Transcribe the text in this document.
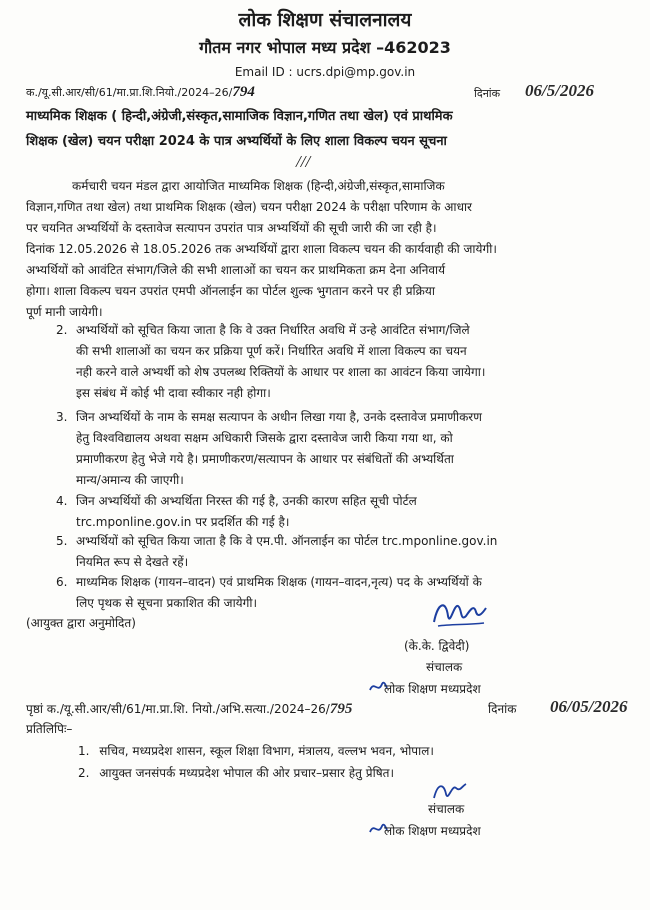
लोक शिक्षण संचालनालय
गौतम नगर भोपाल मध्य प्रदेश –462023
Email ID : ucrs.dpi@mp.gov.in
क./यू.सी.आर/सी/61/मा.प्रा.शि.नियो./2024–26/794	दिनांक 06/5/2026
माध्यमिक शिक्षक ( हिन्दी,अंग्रेजी,संस्कृत,सामाजिक विज्ञान,गणित तथा खेल) एवं प्राथमिक
शिक्षक (खेल) चयन परीक्षा 2024 के पात्र अभ्यर्थियों के लिए शाला विकल्प चयन सूचना
///
कर्मचारी चयन मंडल द्वारा आयोजित माध्यमिक शिक्षक (हिन्दी,अंग्रेजी,संस्कृत,सामाजिक
विज्ञान,गणित तथा खेल) तथा प्राथमिक शिक्षक (खेल) चयन परीक्षा 2024 के परीक्षा परिणाम के आधार
पर चयनित अभ्यर्थियों के दस्तावेज सत्यापन उपरांत पात्र अभ्यर्थियों की सूची जारी की जा रही है।
दिनांक 12.05.2026 से 18.05.2026 तक अभ्यर्थियों द्वारा शाला विकल्प चयन की कार्यवाही की जायेगी।
अभ्यर्थियों को आवंटित संभाग/जिले की सभी शालाओं का चयन कर प्राथमिकता क्रम देना अनिवार्य
होगा। शाला विकल्प चयन उपरांत एमपी ऑनलाईन का पोर्टल शुल्क भुगतान करने पर ही प्रक्रिया
पूर्ण मानी जायेगी।
2. अभ्यर्थियों को सूचित किया जाता है कि वे उक्त निर्धारित अवधि में उन्हे आवंटित संभाग/जिले
की सभी शालाओं का चयन कर प्रक्रिया पूर्ण करें। निर्धारित अवधि में शाला विकल्प का चयन
नही करने वाले अभ्यर्थी को शेष उपलब्ध रिक्तियों के आधार पर शाला का आवंटन किया जायेगा।
इस संबंध में कोई भी दावा स्वीकार नही होगा।
3. जिन अभ्यर्थियों के नाम के समक्ष सत्यापन के अधीन लिखा गया है, उनके दस्तावेज प्रमाणीकरण
हेतु विश्वविद्यालय अथवा सक्षम अधिकारी जिसके द्वारा दस्तावेज जारी किया गया था, को
प्रमाणीकरण हेतु भेजे गये है। प्रमाणीकरण/सत्यापन के आधार पर संबंधितों की अभ्यर्थिता
मान्य/अमान्य की जाएगी।
4. जिन अभ्यर्थियों की अभ्यर्थिता निरस्त की गई है, उनकी कारण सहित सूची पोर्टल
trc.mponline.gov.in पर प्रदर्शित की गई है।
5. अभ्यर्थियों को सूचित किया जाता है कि वे एम.पी. ऑनलाईन का पोर्टल trc.mponline.gov.in
नियमित रूप से देखते रहें।
6. माध्यमिक शिक्षक (गायन–वादन) एवं प्राथमिक शिक्षक (गायन–वादन,नृत्य) पद के अभ्यर्थियों के
लिए पृथक से सूचना प्रकाशित की जायेगी।
(आयुक्त द्वारा अनुमोदित)
(के.के. द्विवेदी)
संचालक
लोक शिक्षण मध्यप्रदेश
पृष्ठां क./यू.सी.आर/सी/61/मा.प्रा.शि. नियो./अभि.सत्या./2024–26/795	दिनांक 06/05/2026
प्रतिलिपिः–
1. सचिव, मध्यप्रदेश शासन, स्कूल शिक्षा विभाग, मंत्रालय, वल्लभ भवन, भोपाल।
2. आयुक्त जनसंपर्क मध्यप्रदेश भोपाल की ओर प्रचार–प्रसार हेतु प्रेषित।
संचालक
लोक शिक्षण मध्यप्रदेश
